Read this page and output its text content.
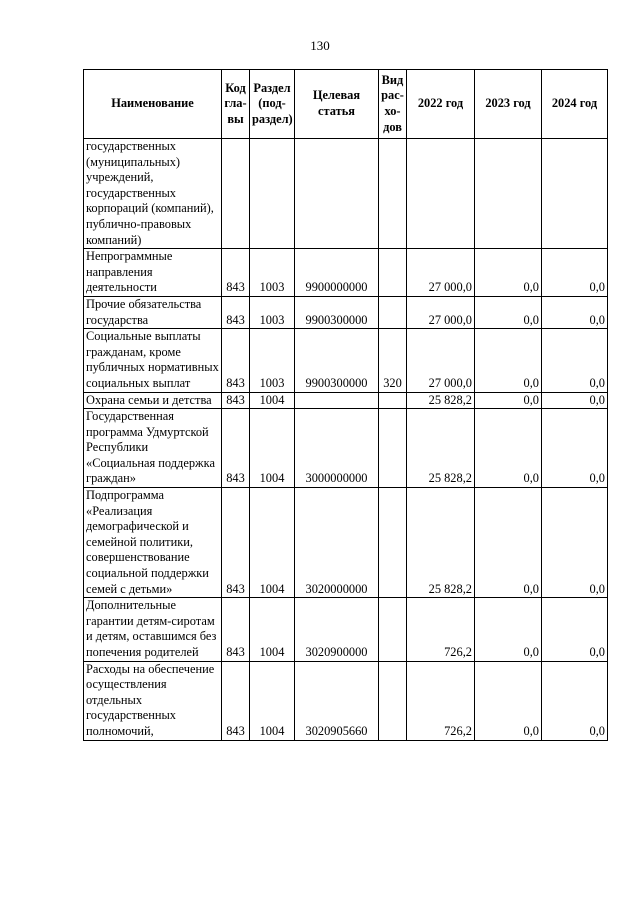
130
Наименование	Код гла-вы	Раздел (под-раздел)	Целевая статья	Вид рас-хо-дов	2022 год	2023 год	2024 год
государственных (муниципальных) учреждений, государственных корпораций (компаний), публично-правовых компаний)							
Непрограммные направления деятельности	843	1003	9900000000		27 000,0	0,0	0,0
Прочие обязательства государства	843	1003	9900300000		27 000,0	0,0	0,0
Социальные выплаты гражданам, кроме публичных нормативных социальных выплат	843	1003	9900300000	320	27 000,0	0,0	0,0
Охрана семьи и детства	843	1004			25 828,2	0,0	0,0
Государственная программа Удмуртской Республики «Социальная поддержка граждан»	843	1004	3000000000		25 828,2	0,0	0,0
Подпрограмма «Реализация демографической и семейной политики, совершенствование социальной поддержки семей с детьми»	843	1004	3020000000		25 828,2	0,0	0,0
Дополнительные гарантии детям-сиротам и детям, оставшимся без попечения родителей	843	1004	3020900000		726,2	0,0	0,0
Расходы на обеспечение осуществления отдельных государственных полномочий,	843	1004	3020905660		726,2	0,0	0,0
